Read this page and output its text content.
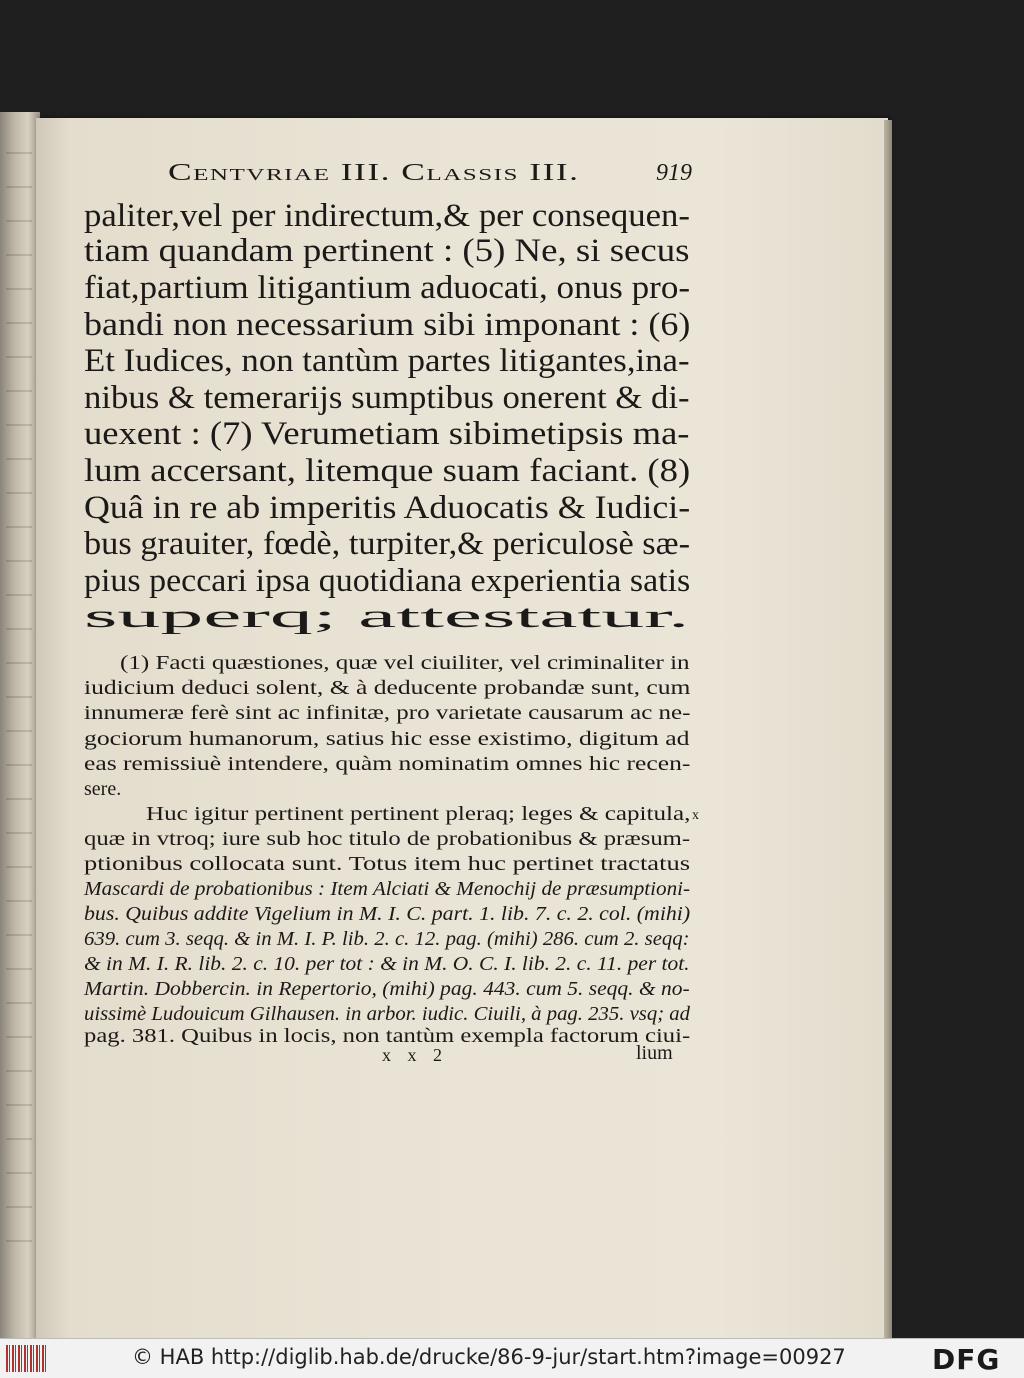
Centvriae III. Classis III.	919
paliter,vel per indirectum,& per consequen-
tiam quandam pertinent : (5) Ne, si secus
fiat,partium litigantium aduocati, onus pro-
bandi non necessarium sibi imponant : (6)
Et Iudices, non tantùm partes litigantes,ina-
nibus & temerarijs sumptibus onerent & di-
uexent : (7) Verumetiam sibimetipsis ma-
lum accersant, litemque suam faciant. (8)
Quâ in re ab imperitis Aduocatis & Iudici-
bus grauiter, fœdè, turpiter,& periculosè sæ-
pius peccari ipsa quotidiana experientia satis
superq; attestatur.
(1) Facti quæstiones, quæ vel ciuiliter, vel criminaliter in
iudicium deduci solent, & à deducente probandæ sunt, cum
innumeræ ferè sint ac infinitæ, pro varietate causarum ac ne-
gociorum humanorum, satius hic esse existimo, digitum ad
eas remissiuè intendere, quàm nominatim omnes hic recen-
sere.
Huc igitur pertinent pertinent pleraq; leges & capitula,
quæ in vtroq; iure sub hoc titulo de probationibus & præsum-
ptionibus collocata sunt. Totus item huc pertinet tractatus
Mascardi de probationibus : Item Alciati & Menochij de præsumptioni-
bus. Quibus addite Vigelium in M. I. C. part. 1. lib. 7. c. 2. col. (mihi)
639. cum 3. seqq. & in M. I. P. lib. 2. c. 12. pag. (mihi) 286. cum 2. seqq:
& in M. I. R. lib. 2. c. 10. per tot : & in M. O. C. I. lib. 2. c. 11. per tot.
Martin. Dobbercin. in Repertorio, (mihi) pag. 443. cum 5. seqq. & no-
uissimè Ludouicum Gilhausen. in arbor. iudic. Ciuili, à pag. 235. vsq; ad
pag. 381. Quibus in locis, non tantùm exempla factorum ciui-
x
x x 2	lium
© HAB http://diglib.hab.de/drucke/86-9-jur/start.htm?image=00927	DFG
